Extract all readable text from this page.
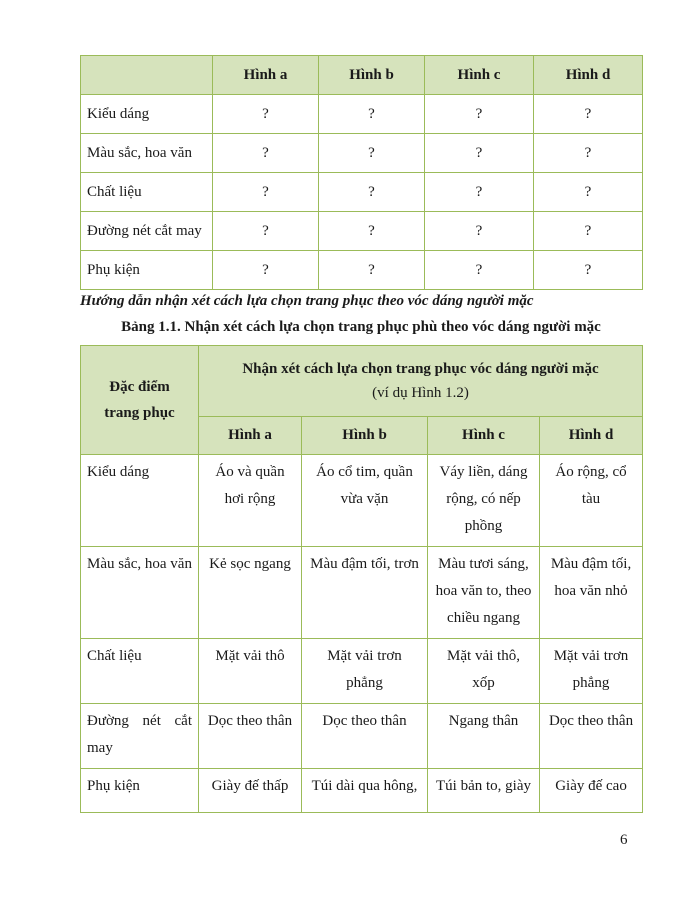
	Hình a	Hình b	Hình c	Hình d
Kiểu dáng	?	?	?	?
Màu sắc, hoa văn	?	?	?	?
Chất liệu	?	?	?	?
Đường nét cắt may	?	?	?	?
Phụ kiện	?	?	?	?
Hướng dẫn nhận xét cách lựa chọn trang phục theo vóc dáng người mặc
Bảng 1.1. Nhận xét cách lựa chọn trang phục phù theo vóc dáng người mặc
Đặc điểm
trang phục	Nhận xét cách lựa chọn trang phục vóc dáng người mặc
(ví dụ Hình 1.2)			

	Hình a	Hình b	Hình c	Hình d
Kiểu dáng	Áo và quần hơi rộng	Áo cổ tim, quần vừa vặn	Váy liền, dáng rộng, có nếp phồng	Áo rộng, cổ tàu
Màu sắc, hoa văn	Kẻ sọc ngang	Màu đậm tối, trơn	Màu tươi sáng, hoa văn to, theo chiều ngang	Màu đậm tối, hoa văn nhỏ
Chất liệu	Mặt vải thô	Mặt vải trơn phẳng	Mặt vải thô, xốp	Mặt vải trơn phẳng

Đường nét cắt
may	Dọc theo thân	Dọc theo thân	Ngang thân	Dọc theo thân
Phụ kiện	Giày đế thấp	Túi dài qua hông,	Túi bản to, giày	Giày đế cao
6
